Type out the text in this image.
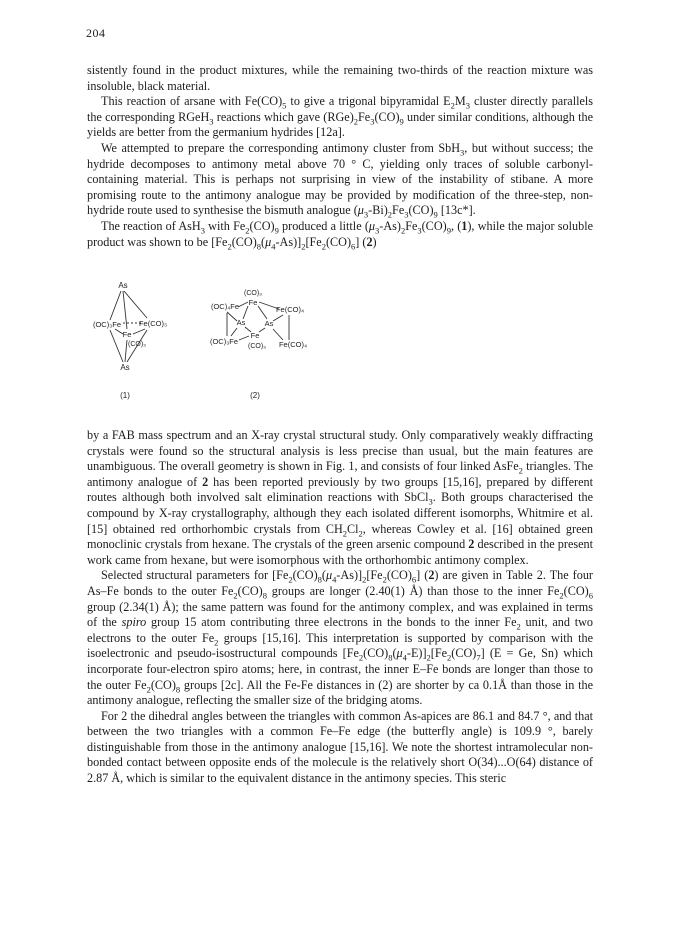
204

sistently found in the product mixtures, while the remaining two-thirds of the reaction mixture was insoluble, black material.

This reaction of arsane with $Fe(CO)_5$ to give a trigonal bipyramidal $E_2M_3$ cluster directly parallels the corresponding RGeH$_3$ reactions which gave $(RGe)_2Fe_3(CO)_9$ under similar conditions, although the yields are better from the germanium hydrides [12a].

We attempted to prepare the corresponding antimony cluster from SbH$_3$, but without success; the hydride decomposes to antimony metal above 70 ° C, yielding only traces of soluble carbonyl-containing material. This is perhaps not surprising in view of the instability of stibane. A more promising route to the antimony analogue may be provided by modification of the three-step, non-hydride route used to synthesise the bismuth analogue $(\mu_3-Bi)_2Fe_3(CO)_9$ [13c*].

The reaction of AsH$_3$ with $Fe_2(CO)_9$ produced a little $(\mu_3-As)_2Fe_3(CO)_9$, (1), while the major soluble product was shown to be $[Fe_2(CO)_8(\mu_4-As)]_2[Fe_2(CO)_6]$ (2)

As
(OC)₃Fe Fe(CO)₃
Fe
(CO)₃
As
(1)
(CO)₃
Fe
(OC)₄Fe	Fe(CO)₄
As	As
Fe
(OC)₃Fe
(CO)₃ Fe(CO)₄
(2)

by a FAB mass spectrum and an X-ray crystal structural study. Only comparatively weakly diffracting crystals were found so the structural analysis is less precise than usual, but the main features are unambiguous. The overall geometry is shown in Fig. 1, and consists of four linked AsFe$_2$ triangles. The antimony analogue of 2 has been reported previously by two groups [15,16], prepared by different routes although both involved salt elimination reactions with SbCl$_3$. Both groups characterised the compound by X-ray crystallography, although they each isolated different isomorphs, Whitmire et al. [15] obtained red orthorhombic crystals from $CH_2Cl_2$, whereas Cowley et al. [16] obtained green monoclinic crystals from hexane. The crystals of the green arsenic compound 2 described in the present work came from hexane, but were isomorphous with the orthorhombic antimony complex.

Selected structural parameters for $[Fe_2(CO)_8(\mu_4-As)]_2[Fe_2(CO)_6]$ (2) are given in Table 2. The four As–Fe bonds to the outer $Fe_2(CO)_8$ groups are longer (2.40(1) Å) than those to the inner $Fe_2(CO)_6$ group (2.34(1) Å); the same pattern was found for the antimony complex, and was explained in terms of the spiro group 15 atom contributing three electrons in the bonds to the inner $Fe_2$ unit, and two electrons to the outer $Fe_2$ groups [15,16]. This interpretation is supported by comparison with the isoelectronic and pseudo-isostructural compounds $[Fe_2(CO)_8(\mu_4-E)]_2[Fe_2(CO)_7] (E = Ge$, Sn) which incorporate four-electron spiro atoms; here, in contrast, the inner E–Fe bonds are longer than those to the outer $Fe_2(CO)_8$ groups [2c]. All the Fe-Fe distances in (2) are shorter by ca 0.1Å than those in the antimony analogue, reflecting the smaller size of the bridging atoms.

For 2 the dihedral angles between the triangles with common As-apices are 86.1 and 84.7 °, and that between the two triangles with a common Fe–Fe edge (the butterfly angle) is 109.9 °, barely distinguishable from those in the antimony analogue [15,16]. We note the shortest intramolecular non-bonded contact between opposite ends of the molecule is the relatively short O(34)...O(64) distance of 2.87 Å, which is similar to the equivalent distance in the antimony species. This steric
